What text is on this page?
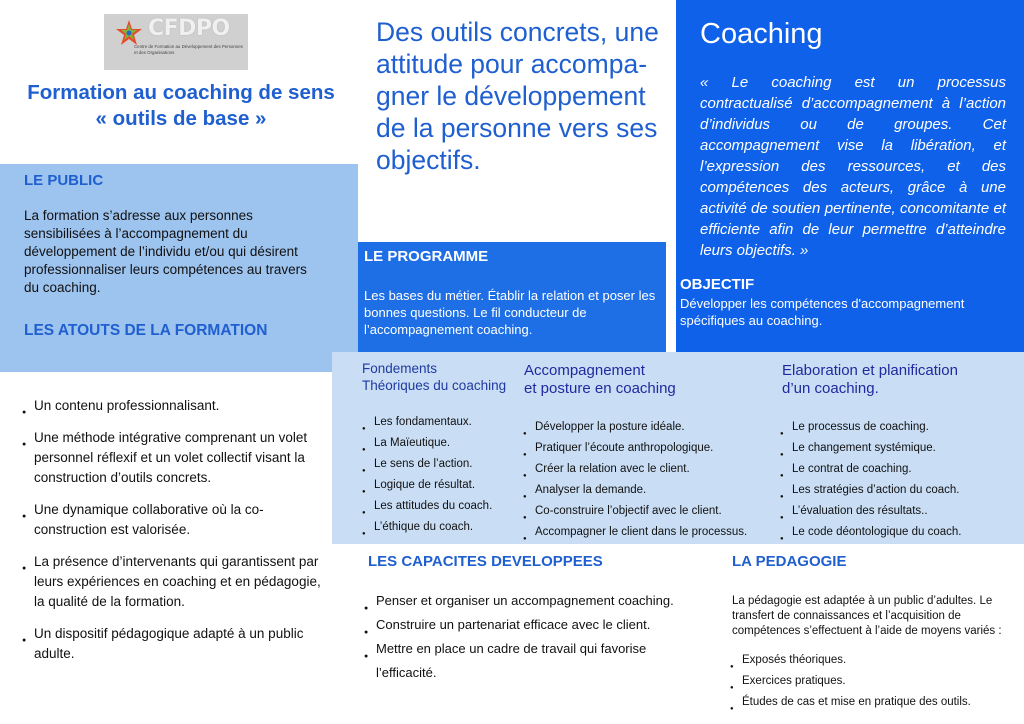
CFDPO
Centre de Formation au Développement des Personnes et des Organisations
Formation au coaching de sens
« outils de base »
Des outils concrets, une attitude pour accompa-gner le développement de la personne vers ses objectifs.
Coaching
« Le coaching est un processus contractualisé d’accompagnement à l’action d’individus ou de groupes. Cet accompagnement vise la libération, et l’expression des ressources, et des compétences des acteurs, grâce à une activité de soutien pertinente, concomitante et efficiente afin de leur permettre d’atteindre leurs objectifs. »
LE PUBLIC
La formation s’adresse aux personnes sensibilisées à l’accompagnement du développement de l’individu et/ou qui désirent professionnaliser leurs compétences au travers du coaching.
LES ATOUTS DE LA FORMATION
● Un contenu professionnalisant.
● Une méthode intégrative comprenant un volet personnel réflexif et un volet collectif visant la construction d’outils concrets.
● Une dynamique collaborative où la co-construction est valorisée.
● La présence d’intervenants qui garantissent par leurs expériences en coaching et en pédagogie, la qualité de la formation.
● Un dispositif pédagogique adapté à un public adulte.
LE PROGRAMME
Les bases du métier. Établir la relation et poser les bonnes questions. Le fil conducteur de l’accompagnement coaching.
OBJECTIF
Développer les compétences d'accompagnement spécifiques au coaching.
Fondements
Théoriques du coaching
● Les fondamentaux.
● La Maïeutique.
● Le sens de l’action.
● Logique de résultat.
● Les attitudes du coach.
● L’éthique du coach.
Accompagnement
et posture en coaching
● Développer la posture idéale.
● Pratiquer l’écoute anthropologique.
● Créer la relation avec le client.
● Analyser la demande.
● Co-construire l’objectif avec le client.
● Accompagner le client dans le processus.
Elaboration et planification
d’un coaching.
● Le processus de coaching.
● Le changement systémique.
● Le contrat de coaching.
● Les stratégies d’action du coach.
● L’évaluation des résultats..
● Le code déontologique du coach.
LES CAPACITES DEVELOPPEES
● Penser et organiser un accompagnement coaching.
● Construire un partenariat efficace avec le client.
● Mettre en place un cadre de travail qui favorise l’efficacité.
LA PEDAGOGIE
La pédagogie est adaptée à un public d’adultes. Le transfert de connaissances et l’acquisition de compétences s’effectuent à l’aide de moyens variés :
● Exposés théoriques.
● Exercices pratiques.
● Études de cas et mise en pratique des outils.
